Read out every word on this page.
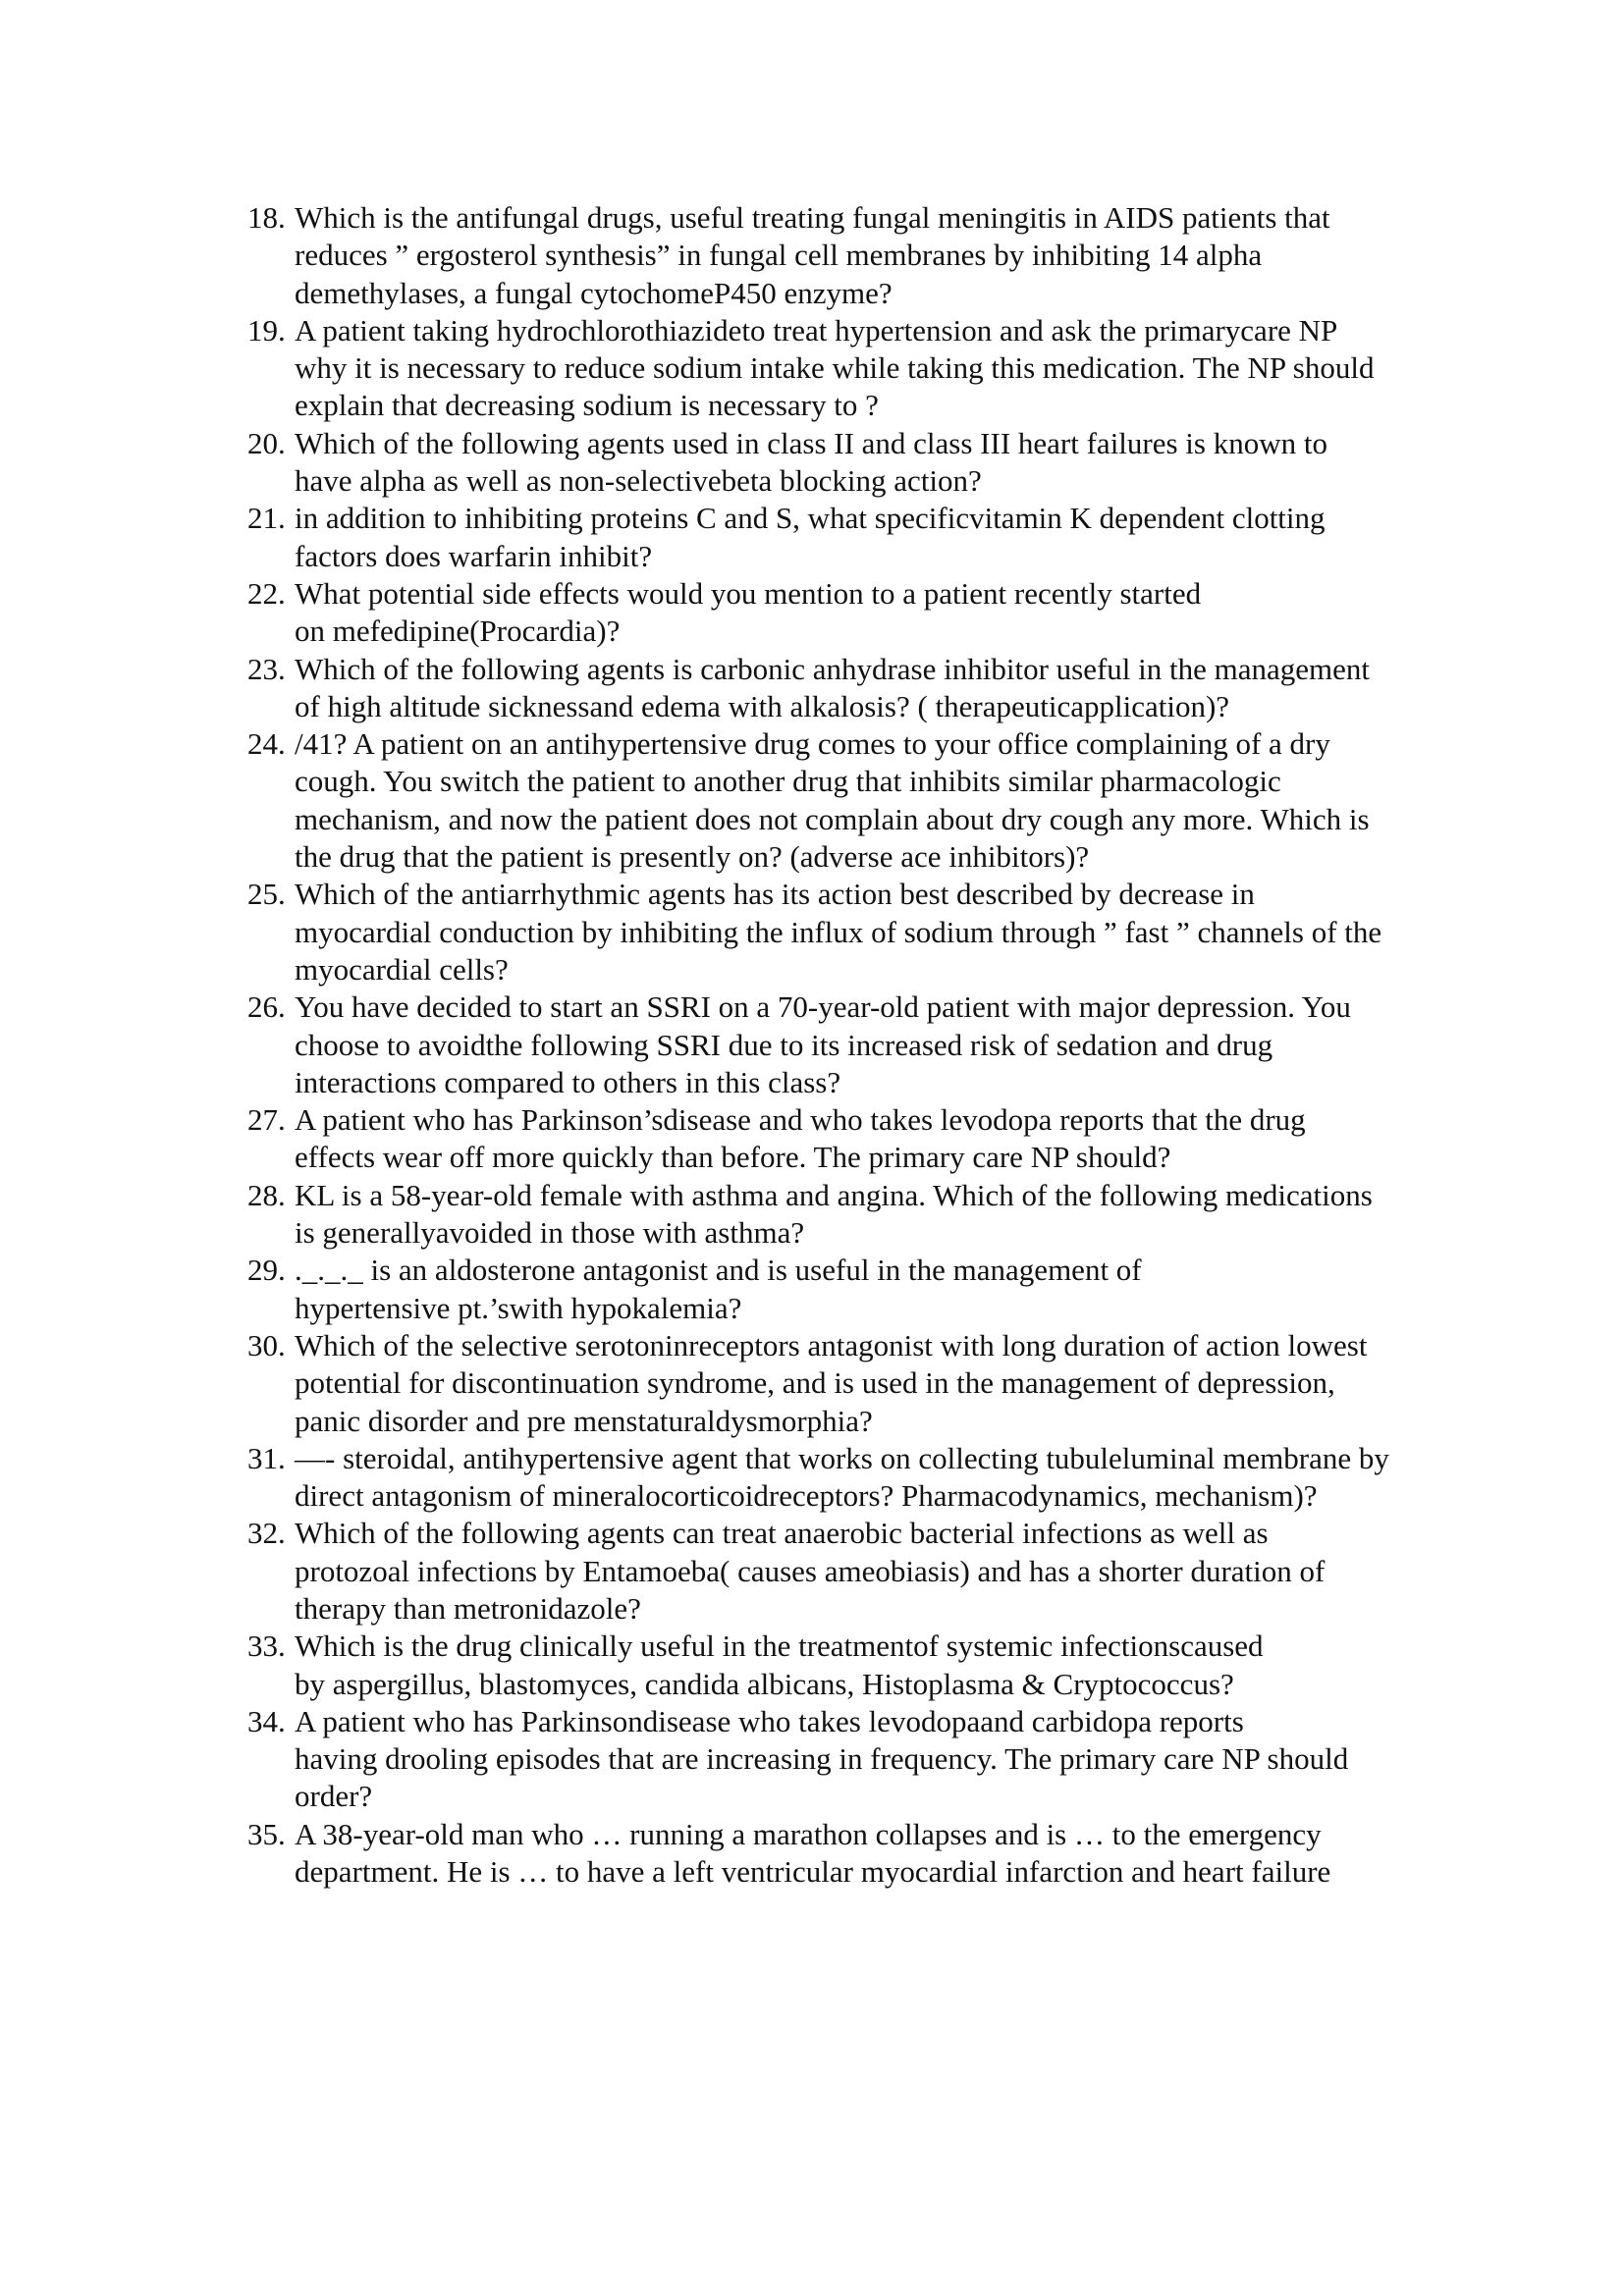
18. Which is the antifungal drugs, useful treating fungal meningitis in AIDS patients that
reduces ” ergosterol synthesis” in fungal cell membranes by inhibiting 14 alpha
demethylases, a fungal cytochomeP450 enzyme?
19. A patient taking hydrochlorothiazideto treat hypertension and ask the primarycare NP
why it is necessary to reduce sodium intake while taking this medication. The NP should
explain that decreasing sodium is necessary to ?
20. Which of the following agents used in class II and class III heart failures is known to
have alpha as well as non-selectivebeta blocking action?
21. in addition to inhibiting proteins C and S, what specificvitamin K dependent clotting
factors does warfarin inhibit?
22. What potential side effects would you mention to a patient recently started
on mefedipine(Procardia)?
23. Which of the following agents is carbonic anhydrase inhibitor useful in the management
of high altitude sicknessand edema with alkalosis? ( therapeuticapplication)?
24. /41? A patient on an antihypertensive drug comes to your office complaining of a dry
cough. You switch the patient to another drug that inhibits similar pharmacologic
mechanism, and now the patient does not complain about dry cough any more. Which is
the drug that the patient is presently on? (adverse ace inhibitors)?
25. Which of the antiarrhythmic agents has its action best described by decrease in
myocardial conduction by inhibiting the influx of sodium through ” fast ” channels of the
myocardial cells?
26. You have decided to start an SSRI on a 70-year-old patient with major depression. You
choose to avoidthe following SSRI due to its increased risk of sedation and drug
interactions compared to others in this class?
27. A patient who has Parkinson’sdisease and who takes levodopa reports that the drug
effects wear off more quickly than before. The primary care NP should?
28. KL is a 58-year-old female with asthma and angina. Which of the following medications
is generallyavoided in those with asthma?
29. ._._._ is an aldosterone antagonist and is useful in the management of
hypertensive pt.’swith hypokalemia?
30. Which of the selective serotoninreceptors antagonist with long duration of action lowest
potential for discontinuation syndrome, and is used in the management of depression,
panic disorder and pre menstaturaldysmorphia?
31. —- steroidal, antihypertensive agent that works on collecting tubuleluminal membrane by
direct antagonism of mineralocorticoidreceptors? Pharmacodynamics, mechanism)?
32. Which of the following agents can treat anaerobic bacterial infections as well as
protozoal infections by Entamoeba( causes ameobiasis) and has a shorter duration of
therapy than metronidazole?
33. Which is the drug clinically useful in the treatmentof systemic infectionscaused
by aspergillus, blastomyces, candida albicans, Histoplasma & Cryptococcus?
34. A patient who has Parkinsondisease who takes levodopaand carbidopa reports
having drooling episodes that are increasing in frequency. The primary care NP should
order?
35. A 38-year-old man who … running a marathon collapses and is … to the emergency
department. He is … to have a left ventricular myocardial infarction and heart failure
